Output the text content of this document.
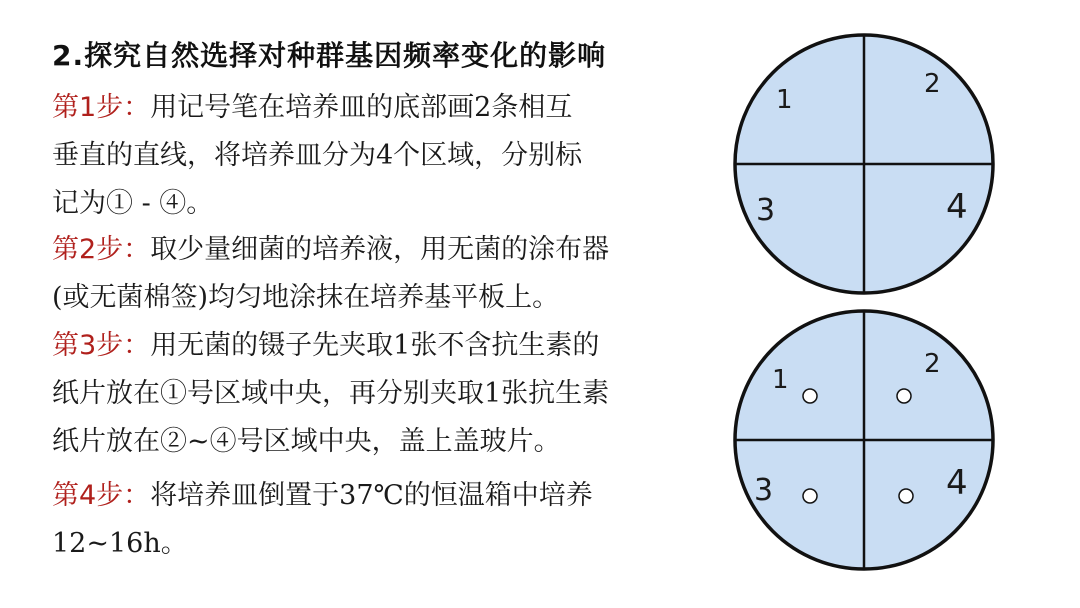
2.探究自然选择对种群基因频率变化的影响
第1步：用记号笔在培养皿的底部画2条相互
垂直的直线，将培养皿分为4个区域，分别标
记为① - ④。
第2步：取少量细菌的培养液，用无菌的涂布器
(或无菌棉签)均匀地涂抹在培养基平板上。
第3步：用无菌的镊子先夹取1张不含抗生素的
纸片放在①号区域中央，再分别夹取1张抗生素
纸片放在②~④号区域中央，盖上盖玻片。
第4步：将培养皿倒置于37℃的恒温箱中培养
12~16h。
1
2
3	4
1
2
3	4
